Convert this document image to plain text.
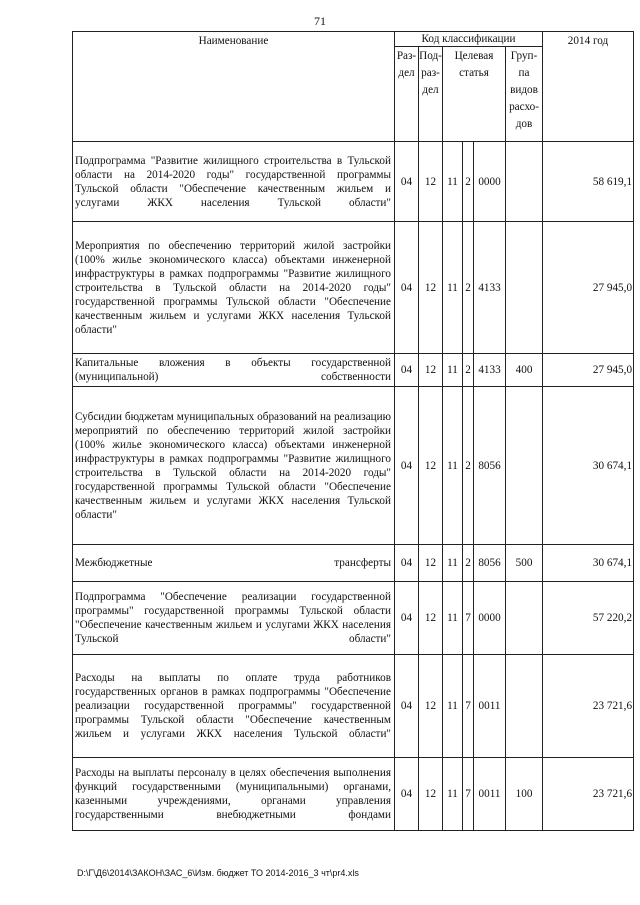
71
Наименование	Код классификации						2014 год
	Раз-дел	Под-раз-дел	Целевая статья			Груп-па видов расхо-дов	
Подпрограмма "Развитие жилищного строительства в Тульской области на 2014-2020 годы" государственной программы Тульской области "Обеспечение качественным жильем и услугами ЖКХ населения Тульской области"	04	12	11	2	0000		58 619,1
Мероприятия по обеспечению территорий жилой застройки (100% жилье экономического класса) объектами инженерной инфраструктуры в рамках подпрограммы "Развитие жилищного строительства в Тульской области на 2014-2020 годы" государственной программы Тульской области "Обеспечение качественным жильем и услугами ЖКХ населения Тульской области"	04	12	11	2	4133		27 945,0
Капитальные вложения в объекты государственной (муниципальной) собственности	04	12	11	2	4133	400	27 945,0
Субсидии бюджетам муниципальных образований на реализацию мероприятий по обеспечению территорий жилой застройки (100% жилье экономического класса) объектами инженерной инфраструктуры в рамках подпрограммы "Развитие жилищного строительства в Тульской области на 2014-2020 годы" государственной программы Тульской области "Обеспечение качественным жильем и услугами ЖКХ населения Тульской области"	04	12	11	2	8056		30 674,1
Межбюджетные трансферты	04	12	11	2	8056	500	30 674,1
Подпрограмма "Обеспечение реализации государственной программы" государственной программы Тульской области "Обеспечение качественным жильем и услугами ЖКХ населения Тульской области"	04	12	11	7	0000		57 220,2
Расходы на выплаты по оплате труда работников государственных органов в рамках подпрограммы "Обеспечение реализации государственной программы" государственной программы Тульской области "Обеспечение качественным жильем и услугами ЖКХ населения Тульской области"	04	12	11	7	0011		23 721,6
Расходы на выплаты персоналу в целях обеспечения выполнения функций государственными (муниципальными) органами, казенными учреждениями, органами управления государственными внебюджетными фондами	04	12	11	7	0011	100	23 721,6
D:\Г\Д6\2014\ЗАКОН\ЗАС_6\Изм. бюджет ТО 2014-2016_3 чт\pr4.xls
